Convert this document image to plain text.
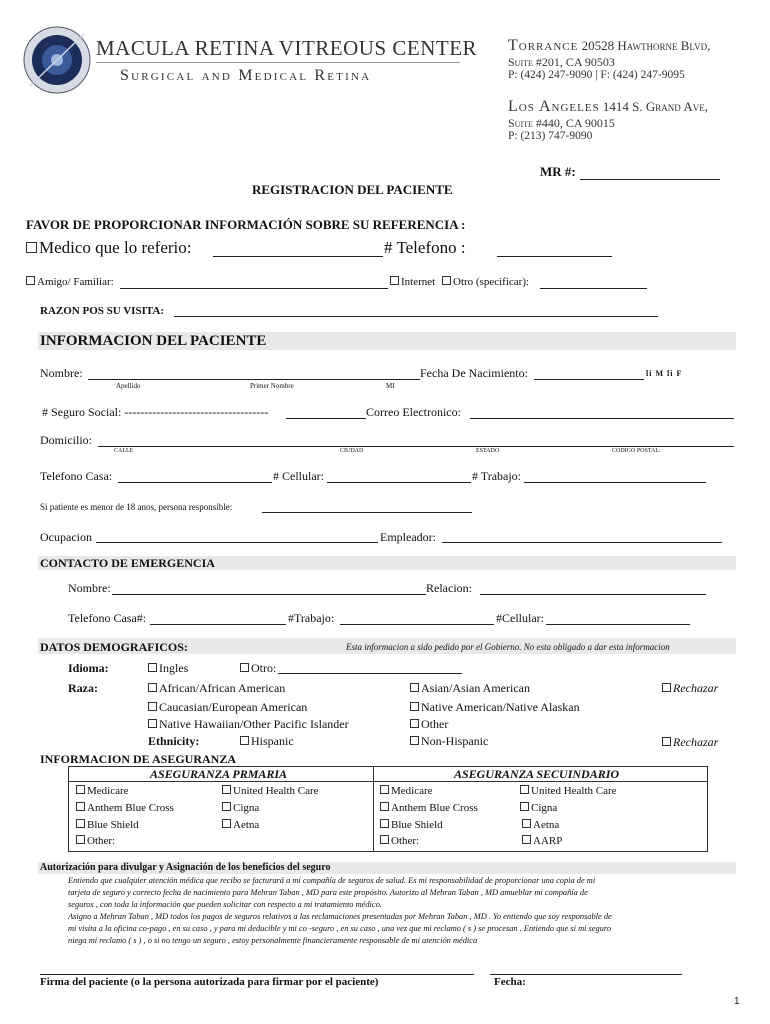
MACULA RETINA VITREOUS CENTER
Surgical and Medical Retina
Torrance 20528 Hawthorne Blvd,
Suite #201, CA 90503
P: (424) 247-9090 | F: (424) 247-9095
Los Angeles 1414 S. Grand Ave,
Suite #440, CA 90015
P: (213) 747-9090
MR #:
REGISTRACION DEL PACIENTE
FAVOR DE PROPORCIONAR INFORMACIÓN SOBRE SU REFERENCIA :
Medico que lo referio:	# Telefono :
Amigo/ Familiar:	Internet	Otro (specificar):
RAZON POS SU VISITA:
INFORMACION DEL PACIENTE
Nombre:	Fecha De Nacimiento:	li M li F
Apellido	Primer Nombre	MI
# Seguro Social: ------------------------------------	Correo Electronico:
Domicilio:
CALLE	CIUDAD	ESTADO	CODIGO POSTAL:
Telefono Casa:	# Cellular:	# Trabajo:
Si patiente es menor de 18 anos, persona responsible:
Ocupacion	Empleador:
CONTACTO DE EMERGENCIA
Nombre:	Relacion:
Telefono Casa#:	#Trabajo:	#Cellular:
DATOS DEMOGRAFICOS:	Esta informacion a sido pedido por el Gobierno. No esta obligado a dar esta informacion
Idioma:	Ingles	Otro:
Raza:	African/African American	Asian/Asian American	Rechazar
Caucasian/European American	Native American/Native Alaskan
Native Hawaiian/Other Pacific Islander	Other
Ethnicity:	Hispanic	Non-Hispanic	Rechazar
INFORMACION DE ASEGURANZA
ASEGURANZA PRMARIA	ASEGURANZA SECUINDARIO
Medicare	United Health Care
Anthem Blue Cross	Cigna
Blue Shield	Aetna
Other:
Medicare	United Health Care
Anthem Blue Cross	Cigna
Blue Shield	Aetna
Other:	AARP
Autorización para divulgar y Asignación de los beneficios del seguro
Entiendo que cualquier atención médica que recibo se facturará a mi compañía de seguros de salud. Es mi responsabilidad de proporcionar una copia de mi
tarjeta de seguro y correcto fecha de nacimiento para Mehran Taban , MD para este propósito. Autorizo al Mehran Taban , MD amueblar mi compañía de
seguros , con toda la información que pueden solicitar con respecto a mi tratamiento médico.
Asigno a Mehran Taban , MD todos los pagos de seguros relativos a las reclamaciones presentadas por Mehran Taban , MD . Yo entiendo que soy responsable de
mi visita a la oficina co-pago , en su caso , y para mi deducible y mi co -seguro , en su caso , una vez que mi reclamo ( s ) se procesan . Entiendo que si mi seguro
niega mi reclamo ( s ) , o si no tengo un seguro , estoy personalmente financieramente responsable de mi atención médica
Firma del paciente (o la persona autorizada para firmar por el paciente)	Fecha:
1
